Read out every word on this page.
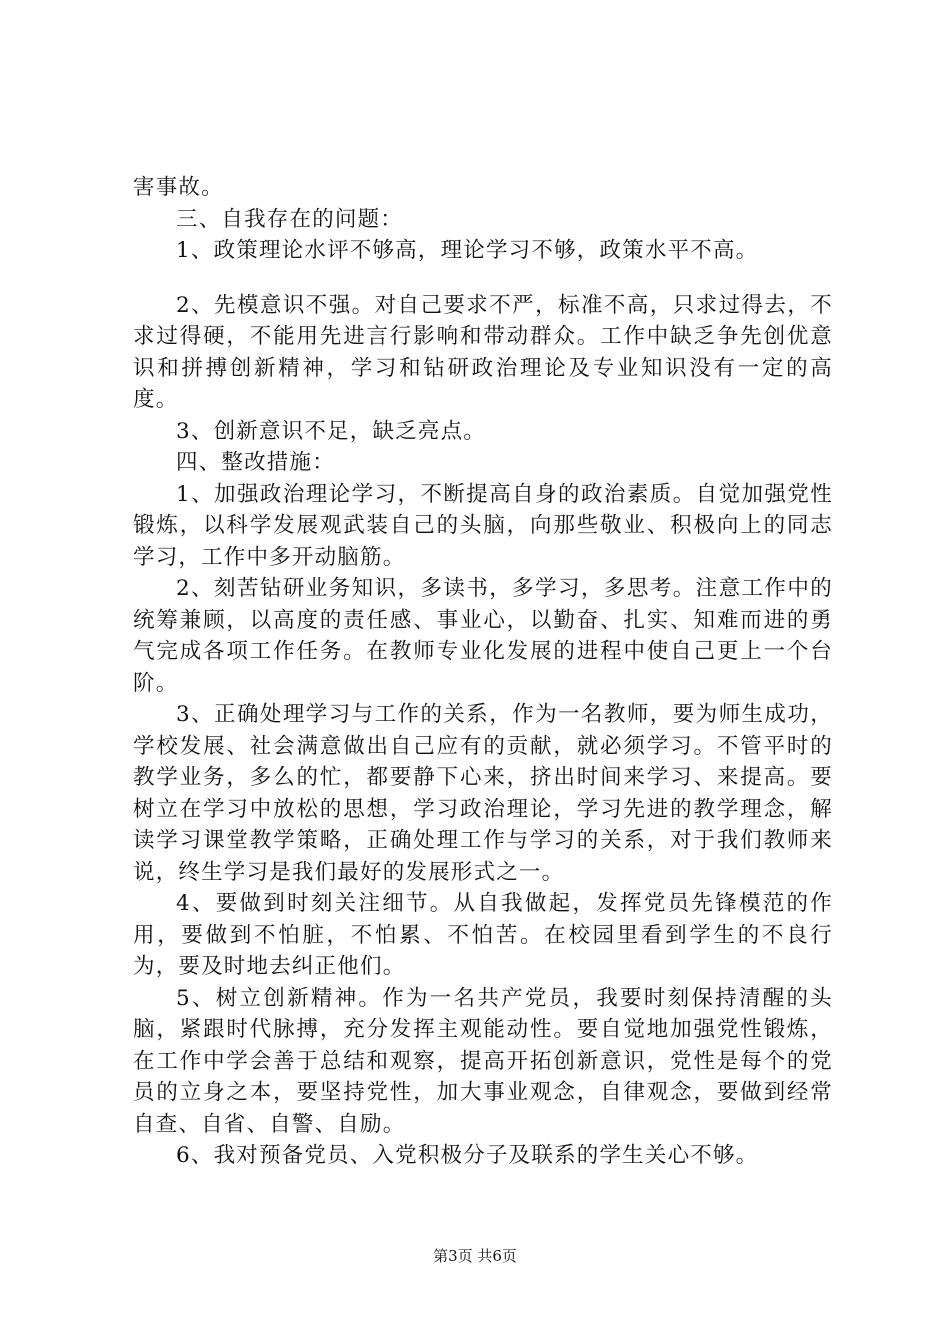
害事故。

三、自我存在的问题：

1、政策理论水评不够高，理论学习不够，政策水平不高。

2、先模意识不强。对自己要求不严，标准不高，只求过得去，不求过得硬，不能用先进言行影响和带动群众。工作中缺乏争先创优意识和拼搏创新精神，学习和钻研政治理论及专业知识没有一定的高度。

3、创新意识不足，缺乏亮点。

四、整改措施：

1、加强政治理论学习，不断提高自身的政治素质。自觉加强党性锻炼，以科学发展观武装自己的头脑，向那些敬业、积极向上的同志学习，工作中多开动脑筋。

2、刻苦钻研业务知识，多读书，多学习，多思考。注意工作中的统筹兼顾，以高度的责任感、事业心，以勤奋、扎实、知难而进的勇气完成各项工作任务。在教师专业化发展的进程中使自己更上一个台阶。

3、正确处理学习与工作的关系，作为一名教师，要为师生成功，学校发展、社会满意做出自己应有的贡献，就必须学习。不管平时的教学业务，多么的忙，都要静下心来，挤出时间来学习、来提高。要树立在学习中放松的思想，学习政治理论，学习先进的教学理念，解读学习课堂教学策略，正确处理工作与学习的关系，对于我们教师来说，终生学习是我们最好的发展形式之一。

4、要做到时刻关注细节。从自我做起，发挥党员先锋模范的作用，要做到不怕脏，不怕累、不怕苦。在校园里看到学生的不良行为，要及时地去纠正他们。

5、树立创新精神。作为一名共产党员，我要时刻保持清醒的头脑，紧跟时代脉搏，充分发挥主观能动性。要自觉地加强党性锻炼，在工作中学会善于总结和观察，提高开拓创新意识，党性是每个的党员的立身之本，要坚持党性，加大事业观念，自律观念，要做到经常自查、自省、自警、自励。

6、我对预备党员、入党积极分子及联系的学生关心不够。

第3页 共6页
